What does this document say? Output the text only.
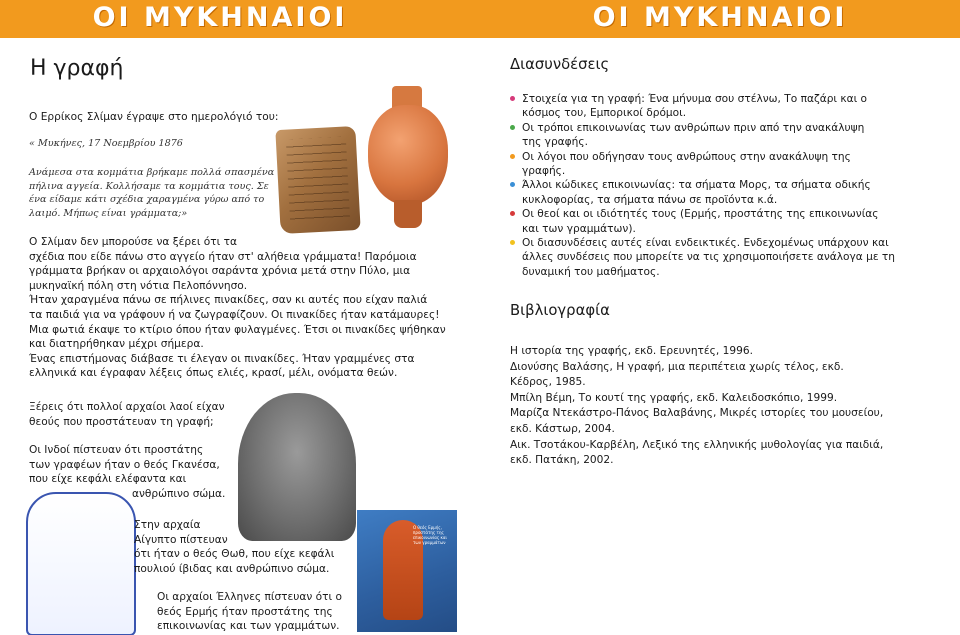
ΟΙ ΜΥΚΗΝΑΙΟΙ
Η γραφή
Ο Ερρίκος Σλίμαν έγραψε στο ημερολόγιό του:
« Μυκήνες, 17 Νοεμβρίου 1876
Ανάμεσα στα κομμάτια βρήκαμε πολλά σπασμένα
πήλινα αγγεία. Κολλήσαμε τα κομμάτια τους. Σε
ένα είδαμε κάτι σχέδια χαραγμένα γύρω από το
λαιμό. Μήπως είναι γράμματα;»
Ο Σλίμαν δεν μπορούσε να ξέρει ότι τα
σχέδια που είδε πάνω στο αγγείο ήταν στ' αλήθεια γράμματα! Παρόμοια
γράμματα βρήκαν οι αρχαιολόγοι σαράντα χρόνια μετά στην Πύλο, μια
μυκηναϊκή πόλη στη νότια Πελοπόννησο.
Ήταν χαραγμένα πάνω σε πήλινες πινακίδες, σαν κι αυτές που είχαν παλιά
τα παιδιά για να γράφουν ή να ζωγραφίζουν. Οι πινακίδες ήταν κατάμαυρες!
Μια φωτιά έκαψε το κτίριο όπου ήταν φυλαγμένες. Έτσι οι πινακίδες ψήθηκαν
και διατηρήθηκαν μέχρι σήμερα.
Ένας επιστήμονας διάβασε τι έλεγαν οι πινακίδες. Ήταν γραμμένες στα
ελληνικά και έγραφαν λέξεις όπως ελιές, κρασί, μέλι, ονόματα θεών.
Ξέρεις ότι πολλοί αρχαίοι λαοί είχαν
θεούς που προστάτευαν τη γραφή;
Οι Ινδοί πίστευαν ότι προστάτης
των γραφέων ήταν ο θεός Γκανέσα,
που είχε κεφάλι ελέφαντα και
ανθρώπινο σώμα.
Στην αρχαία
Αίγυπτο πίστευαν
ότι ήταν ο θεός Θωθ, που είχε κεφάλι
πουλιού ίβιδας και ανθρώπινο σώμα.
Ο θεός Ερμής, προστάτης της επικοινωνίας και των γραμμάτων
Οι αρχαίοι Έλληνες πίστευαν ότι ο
θεός Ερμής ήταν προστάτης της
επικοινωνίας και των γραμμάτων.
ΟΙ ΜΥΚΗΝΑΙΟΙ
Διασυνδέσεις
Στοιχεία για τη γραφή: Ένα μήνυμα σου στέλνω, Το παζάρι και ο
κόσμος του, Εμπορικοί δρόμοι.
Οι τρόποι επικοινωνίας των ανθρώπων πριν από την ανακάλυψη
της γραφής.
Οι λόγοι που οδήγησαν τους ανθρώπους στην ανακάλυψη της
γραφής.
Άλλοι κώδικες επικοινωνίας: τα σήματα Μορς, τα σήματα οδικής
κυκλοφορίας, τα σήματα πάνω σε προϊόντα κ.ά.
Οι θεοί και οι ιδιότητές τους (Ερμής, προστάτης της επικοινωνίας
και των γραμμάτων).
Οι διασυνδέσεις αυτές είναι ενδεικτικές. Ενδεχομένως υπάρχουν και
άλλες συνδέσεις που μπορείτε να τις χρησιμοποιήσετε ανάλογα με τη
δυναμική του μαθήματος.
Βιβλιογραφία
Η ιστορία της γραφής, εκδ. Ερευνητές, 1996.
Διονύσης Βαλάσης, Η γραφή, μια περιπέτεια χωρίς τέλος, εκδ.
Κέδρος, 1985.
Μπίλη Βέμη, Το κουτί της γραφής, εκδ. Καλειδοσκόπιο, 1999.
Μαρίζα Ντεκάστρο-Πάνος Βαλαβάνης, Μικρές ιστορίες του μουσείου,
εκδ. Κάστωρ, 2004.
Αικ. Τσοτάκου-Καρβέλη, Λεξικό της ελληνικής μυθολογίας για παιδιά,
εκδ. Πατάκη, 2002.
